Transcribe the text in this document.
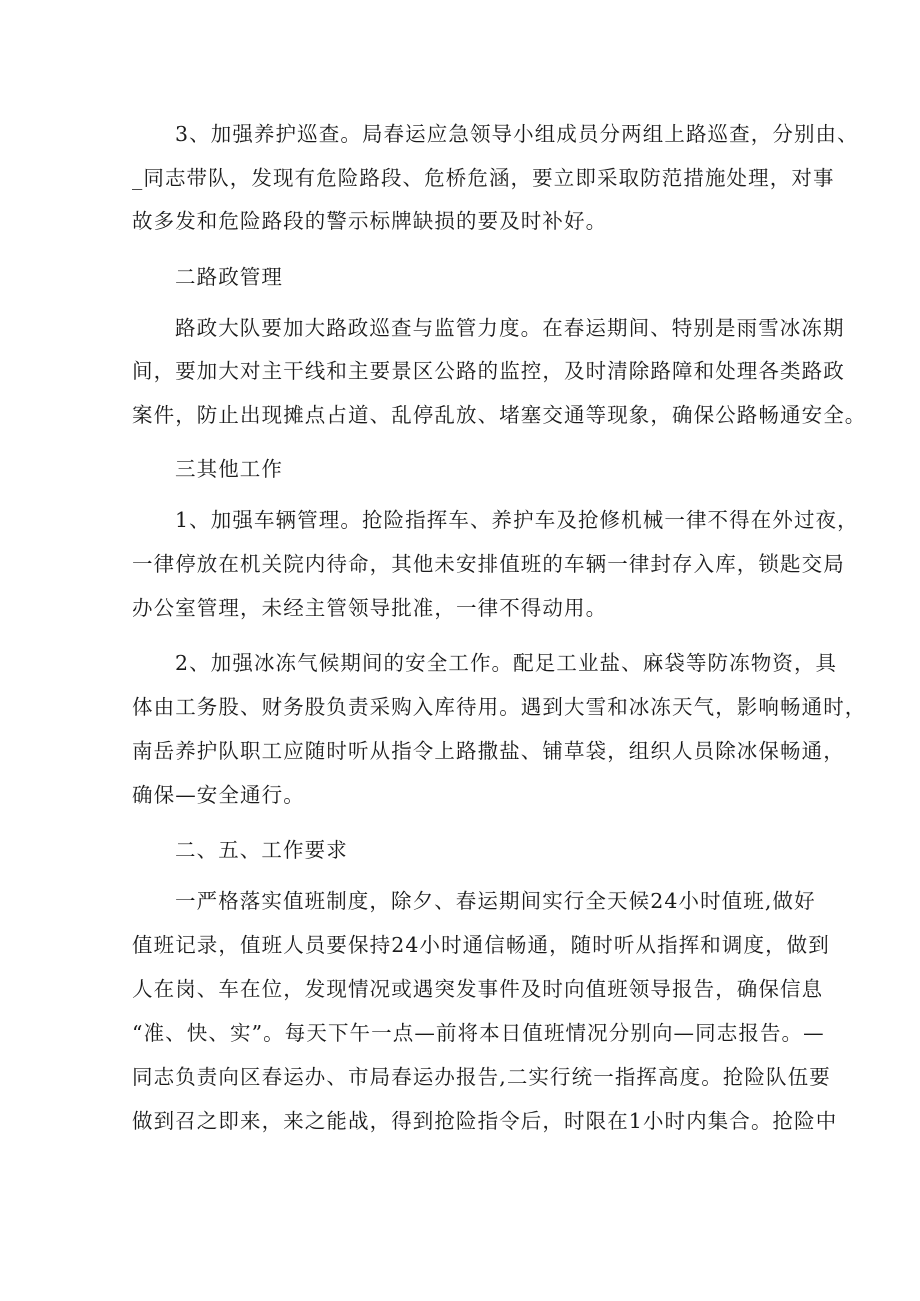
3、加强养护巡查。局春运应急领导小组成员分两组上路巡查，分别由、
_同志带队，发现有危险路段、危桥危涵，要立即采取防范措施处理，对事
故多发和危险路段的警示标牌缺损的要及时补好。
二路政管理
路政大队要加大路政巡查与监管力度。在春运期间、特别是雨雪冰冻期
间，要加大对主干线和主要景区公路的监控，及时清除路障和处理各类路政
案件，防止出现摊点占道、乱停乱放、堵塞交通等现象，确保公路畅通安全。
三其他工作
1、加强车辆管理。抢险指挥车、养护车及抢修机械一律不得在外过夜，
一律停放在机关院内待命，其他未安排值班的车辆一律封存入库，锁匙交局
办公室管理，未经主管领导批准，一律不得动用。
2、加强冰冻气候期间的安全工作。配足工业盐、麻袋等防冻物资，具
体由工务股、财务股负责采购入库待用。遇到大雪和冰冻天气，影响畅通时，
南岳养护队职工应随时听从指令上路撒盐、铺草袋，组织人员除冰保畅通，
确保—安全通行。
二、五、工作要求
一严格落实值班制度，除夕、春运期间实行全天候24小时值班,做好
值班记录，值班人员要保持24小时通信畅通，随时听从指挥和调度，做到
人在岗、车在位，发现情况或遇突发事件及时向值班领导报告，确保信息
“准、快、实”。每天下午一点—前将本日值班情况分别向—同志报告。—
同志负责向区春运办、市局春运办报告,二实行统一指挥高度。抢险队伍要
做到召之即来，来之能战，得到抢险指令后，时限在1小时内集合。抢险中
